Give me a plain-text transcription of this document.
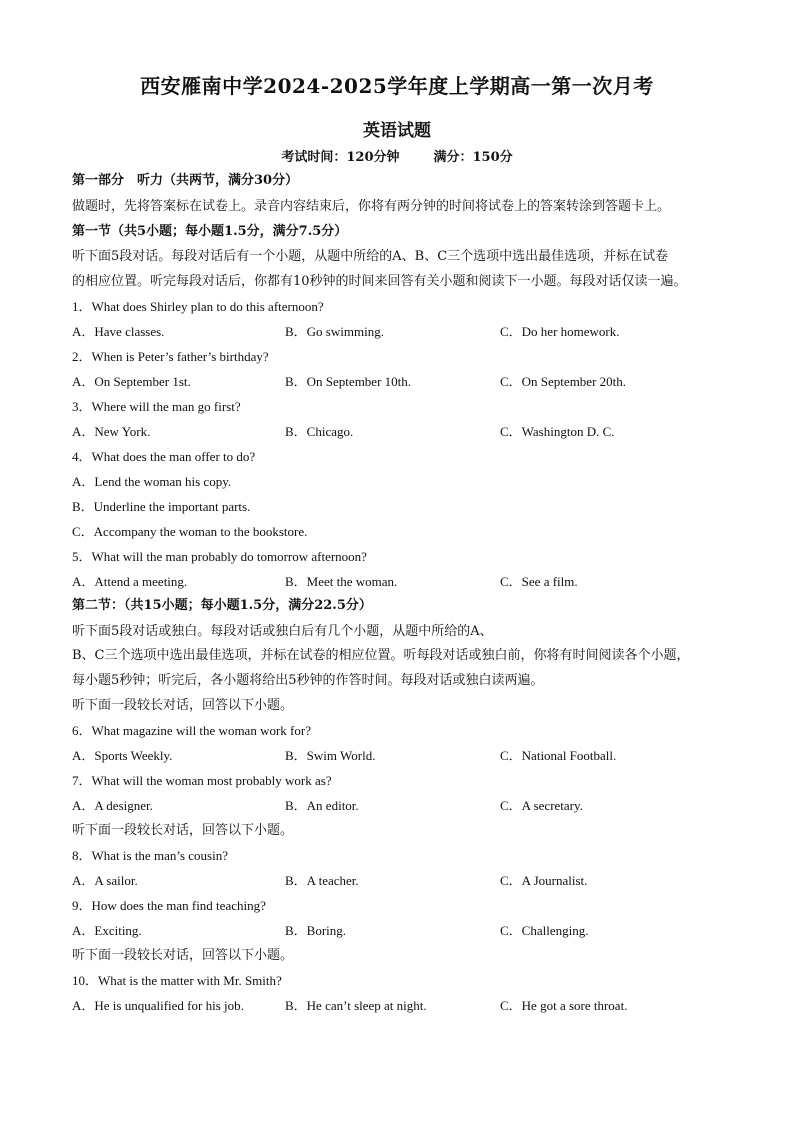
西安雁南中学2024-2025学年度上学期高一第一次月考
英语试题
考试时间：120分钟	满分：150分
第一部分　听力（共两节，满分30分）
做题时，先将答案标在试卷上。录音内容结束后，你将有两分钟的时间将试卷上的答案转涂到答题卡上。
第一节（共5小题；每小题1.5分，满分7.5分）
听下面5段对话。每段对话后有一个小题，从题中所给的A、B、C三个选项中选出最佳选项，并标在试卷
的相应位置。听完每段对话后，你都有10秒钟的时间来回答有关小题和阅读下一小题。每段对话仅读一遍。
1．What does Shirley plan to do this afternoon?
A．Have classes.	B．Go swimming.	C．Do her homework.
2．When is Peter’s father’s birthday?
A．On September 1st.	B．On September 10th.	C．On September 20th.
3．Where will the man go first?
A．New York.	B．Chicago.	C．Washington D. C.
4．What does the man offer to do?
A．Lend the woman his copy.
B．Underline the important parts.
C．Accompany the woman to the bookstore.
5．What will the man probably do tomorrow afternoon?
A．Attend a meeting.	B．Meet the woman.	C．See a film.
第二节：（共15小题；每小题1.5分，满分22.5分）
听下面5段对话或独白。每段对话或独白后有几个小题，从题中所给的A、
B、C三个选项中选出最佳选项，并标在试卷的相应位置。听每段对话或独白前，你将有时间阅读各个小题，
每小题5秒钟；听完后，各小题将给出5秒钟的作答时间。每段对话或独白读两遍。
听下面一段较长对话，回答以下小题。
6．What magazine will the woman work for?
A．Sports Weekly.	B．Swim World.	C．National Football.
7．What will the woman most probably work as?
A．A designer.	B．An editor.	C．A secretary.
听下面一段较长对话，回答以下小题。
8．What is the man’s cousin?
A．A sailor.	B．A teacher.	C．A Journalist.
9．How does the man find teaching?
A．Exciting.	B．Boring.	C．Challenging.
听下面一段较长对话，回答以下小题。
10．What is the matter with Mr. Smith?
A．He is unqualified for his job.	B．He can’t sleep at night.	C．He got a sore throat.
